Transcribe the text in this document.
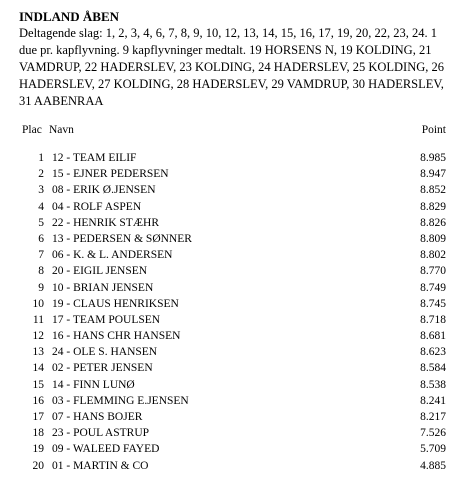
INDLAND ÅBEN

Deltagende slag: 1, 2, 3, 4, 6, 7, 8, 9, 10, 12, 13, 14, 15, 16, 17, 19, 20, 22, 23, 24. 1 due pr. kapflyvning. 9 kapflyvninger medtalt. 19 HORSENS N, 19 KOLDING, 21 VAMDRUP, 22 HADERSLEV, 23 KOLDING, 24 HADERSLEV, 25 KOLDING, 26 HADERSLEV, 27 KOLDING, 28 HADERSLEV, 29 VAMDRUP, 30 HADERSLEV, 31 AABENRAA

Plac Navn	Point
1 12 - TEAM EILIF	8.985
2 15 - EJNER PEDERSEN	8.947
3 08 - ERIK Ø.JENSEN	8.852
4 04 - ROLF ASPEN	8.829
5 22 - HENRIK STÆHR	8.826
6 13 - PEDERSEN & SØNNER	8.809
7 06 - K. & L. ANDERSEN	8.802
8 20 - EIGIL JENSEN	8.770
9 10 - BRIAN JENSEN	8.749
10 19 - CLAUS HENRIKSEN	8.745
11 17 - TEAM POULSEN	8.718
12 16 - HANS CHR HANSEN	8.681
13 24 - OLE S. HANSEN	8.623
14 02 - PETER JENSEN	8.584
15 14 - FINN LUNØ	8.538
16 03 - FLEMMING E.JENSEN	8.241
17 07 - HANS BOJER	8.217
18 23 - POUL ASTRUP	7.526
19 09 - WALEED FAYED	5.709
20 01 - MARTIN & CO	4.885
